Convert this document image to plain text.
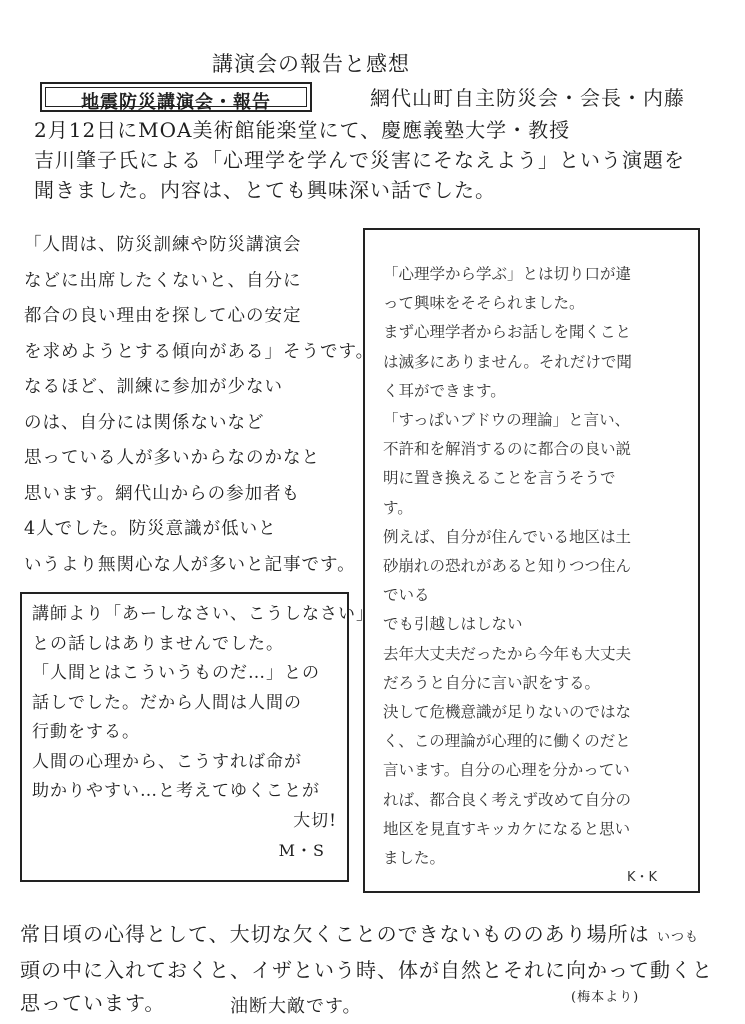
講演会の報告と感想
地震防災講演会・報告	網代山町自主防災会・会長・内藤

2月12日にMOA美術館能楽堂にて、慶應義塾大学・教授

吉川肇子氏による「心理学を学んで災害にそなえよう」という演題を

聞きました。内容は、とても興味深い話でした。

「人間は、防災訓練や防災講演会

などに出席したくないと、自分に

都合の良い理由を探して心の安定

を求めようとする傾向がある」そうです。

なるほど、訓練に参加が少ない

のは、自分には関係ないなど

思っている人が多いからなのかなと

思います。網代山からの参加者も

4人でした。防災意識が低いと

いうより無関心な人が多いと記事です。

講師より「あーしなさい、こうしなさい」

との話しはありませんでした。

「人間とはこういうものだ…」との

話しでした。だから人間は人間の

行動をする。

人間の心理から、こうすれば命が

助かりやすい…と考えてゆくことが

大切!
M・S

「心理学から学ぶ」とは切り口が違

って興味をそそられました。

まず心理学者からお話しを聞くこと

は滅多にありません。それだけで聞

く耳ができます。

「すっぱいブドウの理論」と言い、

不許和を解消するのに都合の良い説

明に置き換えることを言うそうで

す。

例えば、自分が住んでいる地区は土

砂崩れの恐れがあると知りつつ住ん

でいる

でも引越しはしない

去年大丈夫だったから今年も大丈夫

だろうと自分に言い訳をする。

決して危機意識が足りないのではな

く、この理論が心理的に働くのだと

言います。自分の心理を分かってい

れば、都合良く考えず改めて自分の

地区を見直すキッカケになると思い

ました。

K・K

常日頃の心得として、大切な欠くことのできないもののあり場所は いつも

頭の中に入れておくと、イザという時、体が自然とそれに向かって動くと

思っています。	油断大敵です。	(梅本より)
